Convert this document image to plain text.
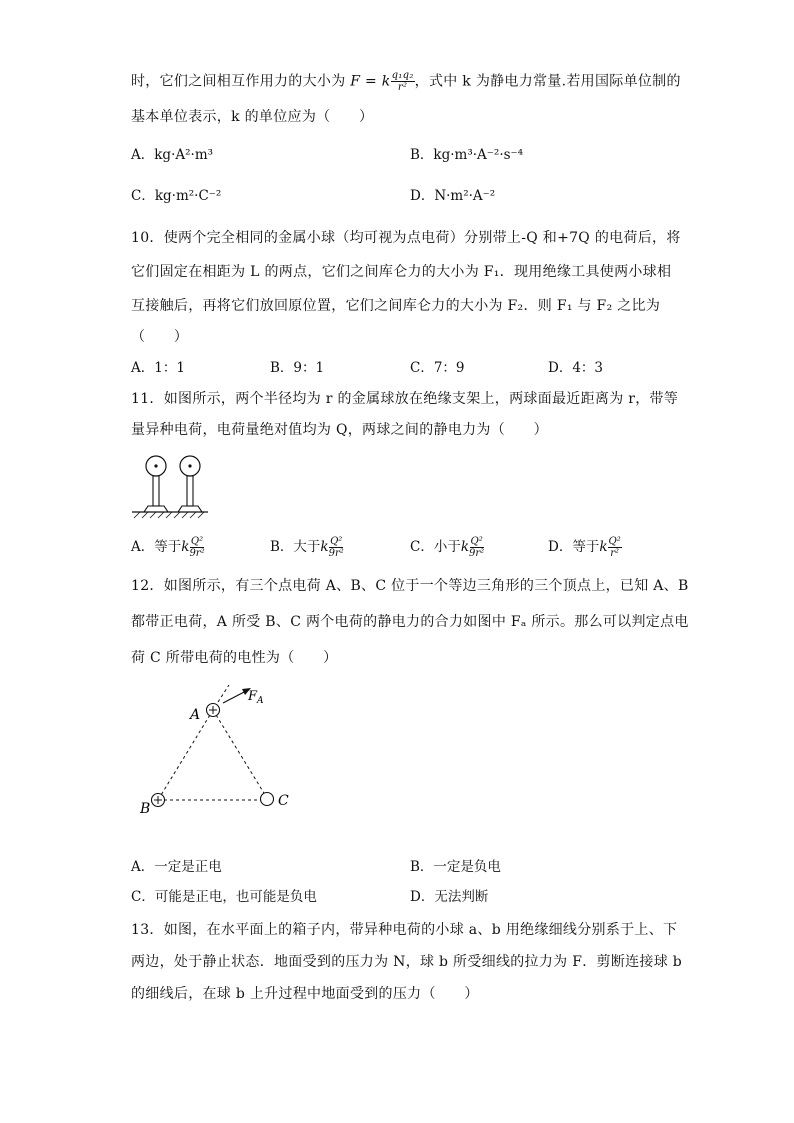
时，它们之间相互作用力的大小为 F = k $\frac{\text{q₁q₂}}{\text{r²}}$ ，式中 k 为静电力常量.若用国际单位制的
基本单位表示，k 的单位应为（　　）
A．kg·A²·m³	B．kg·m³·A⁻²·s⁻⁴
C．kg·m²·C⁻²	D．N·m²·A⁻²
10．使两个完全相同的金属小球（均可视为点电荷）分别带上-Q 和+7Q 的电荷后，将
它们固定在相距为 L 的两点，它们之间库仑力的大小为 F₁．现用绝缘工具使两小球相
互接触后，再将它们放回原位置，它们之间库仑力的大小为 F₂．则 F₁ 与 F₂ 之比为
（　　）
A．1：1	B．9：1	C．7：9	D．4：3
11．如图所示，两个半径均为 r 的金属球放在绝缘支架上，两球面最近距离为 r，带等
量异种电荷，电荷量绝对值均为 Q，两球之间的静电力为（　　）
A．等于k $\frac{\text{Q²}}{\text{9r²}}$	B．大于k $\frac{\text{Q²}}{\text{9r²}}$	C．小于k $\frac{\text{Q²}}{\text{9r²}}$	D．等于k $\frac{\text{Q²}}{\text{r²}}$
12．如图所示，有三个点电荷 A、B、C 位于一个等边三角形的三个顶点上，已知 A、B
都带正电荷，A 所受 B、C 两个电荷的静电力的合力如图中 Fₐ 所示。那么可以判定点电
荷 C 所带电荷的电性为（　　）
A
B	C
$F_A$
A．一定是正电	B．一定是负电
C．可能是正电，也可能是负电	D．无法判断
13．如图，在水平面上的箱子内，带异种电荷的小球 a、b 用绝缘细线分别系于上、下
两边，处于静止状态．地面受到的压力为 N，球 b 所受细线的拉力为 F．剪断连接球 b
的细线后，在球 b 上升过程中地面受到的压力（　　）
